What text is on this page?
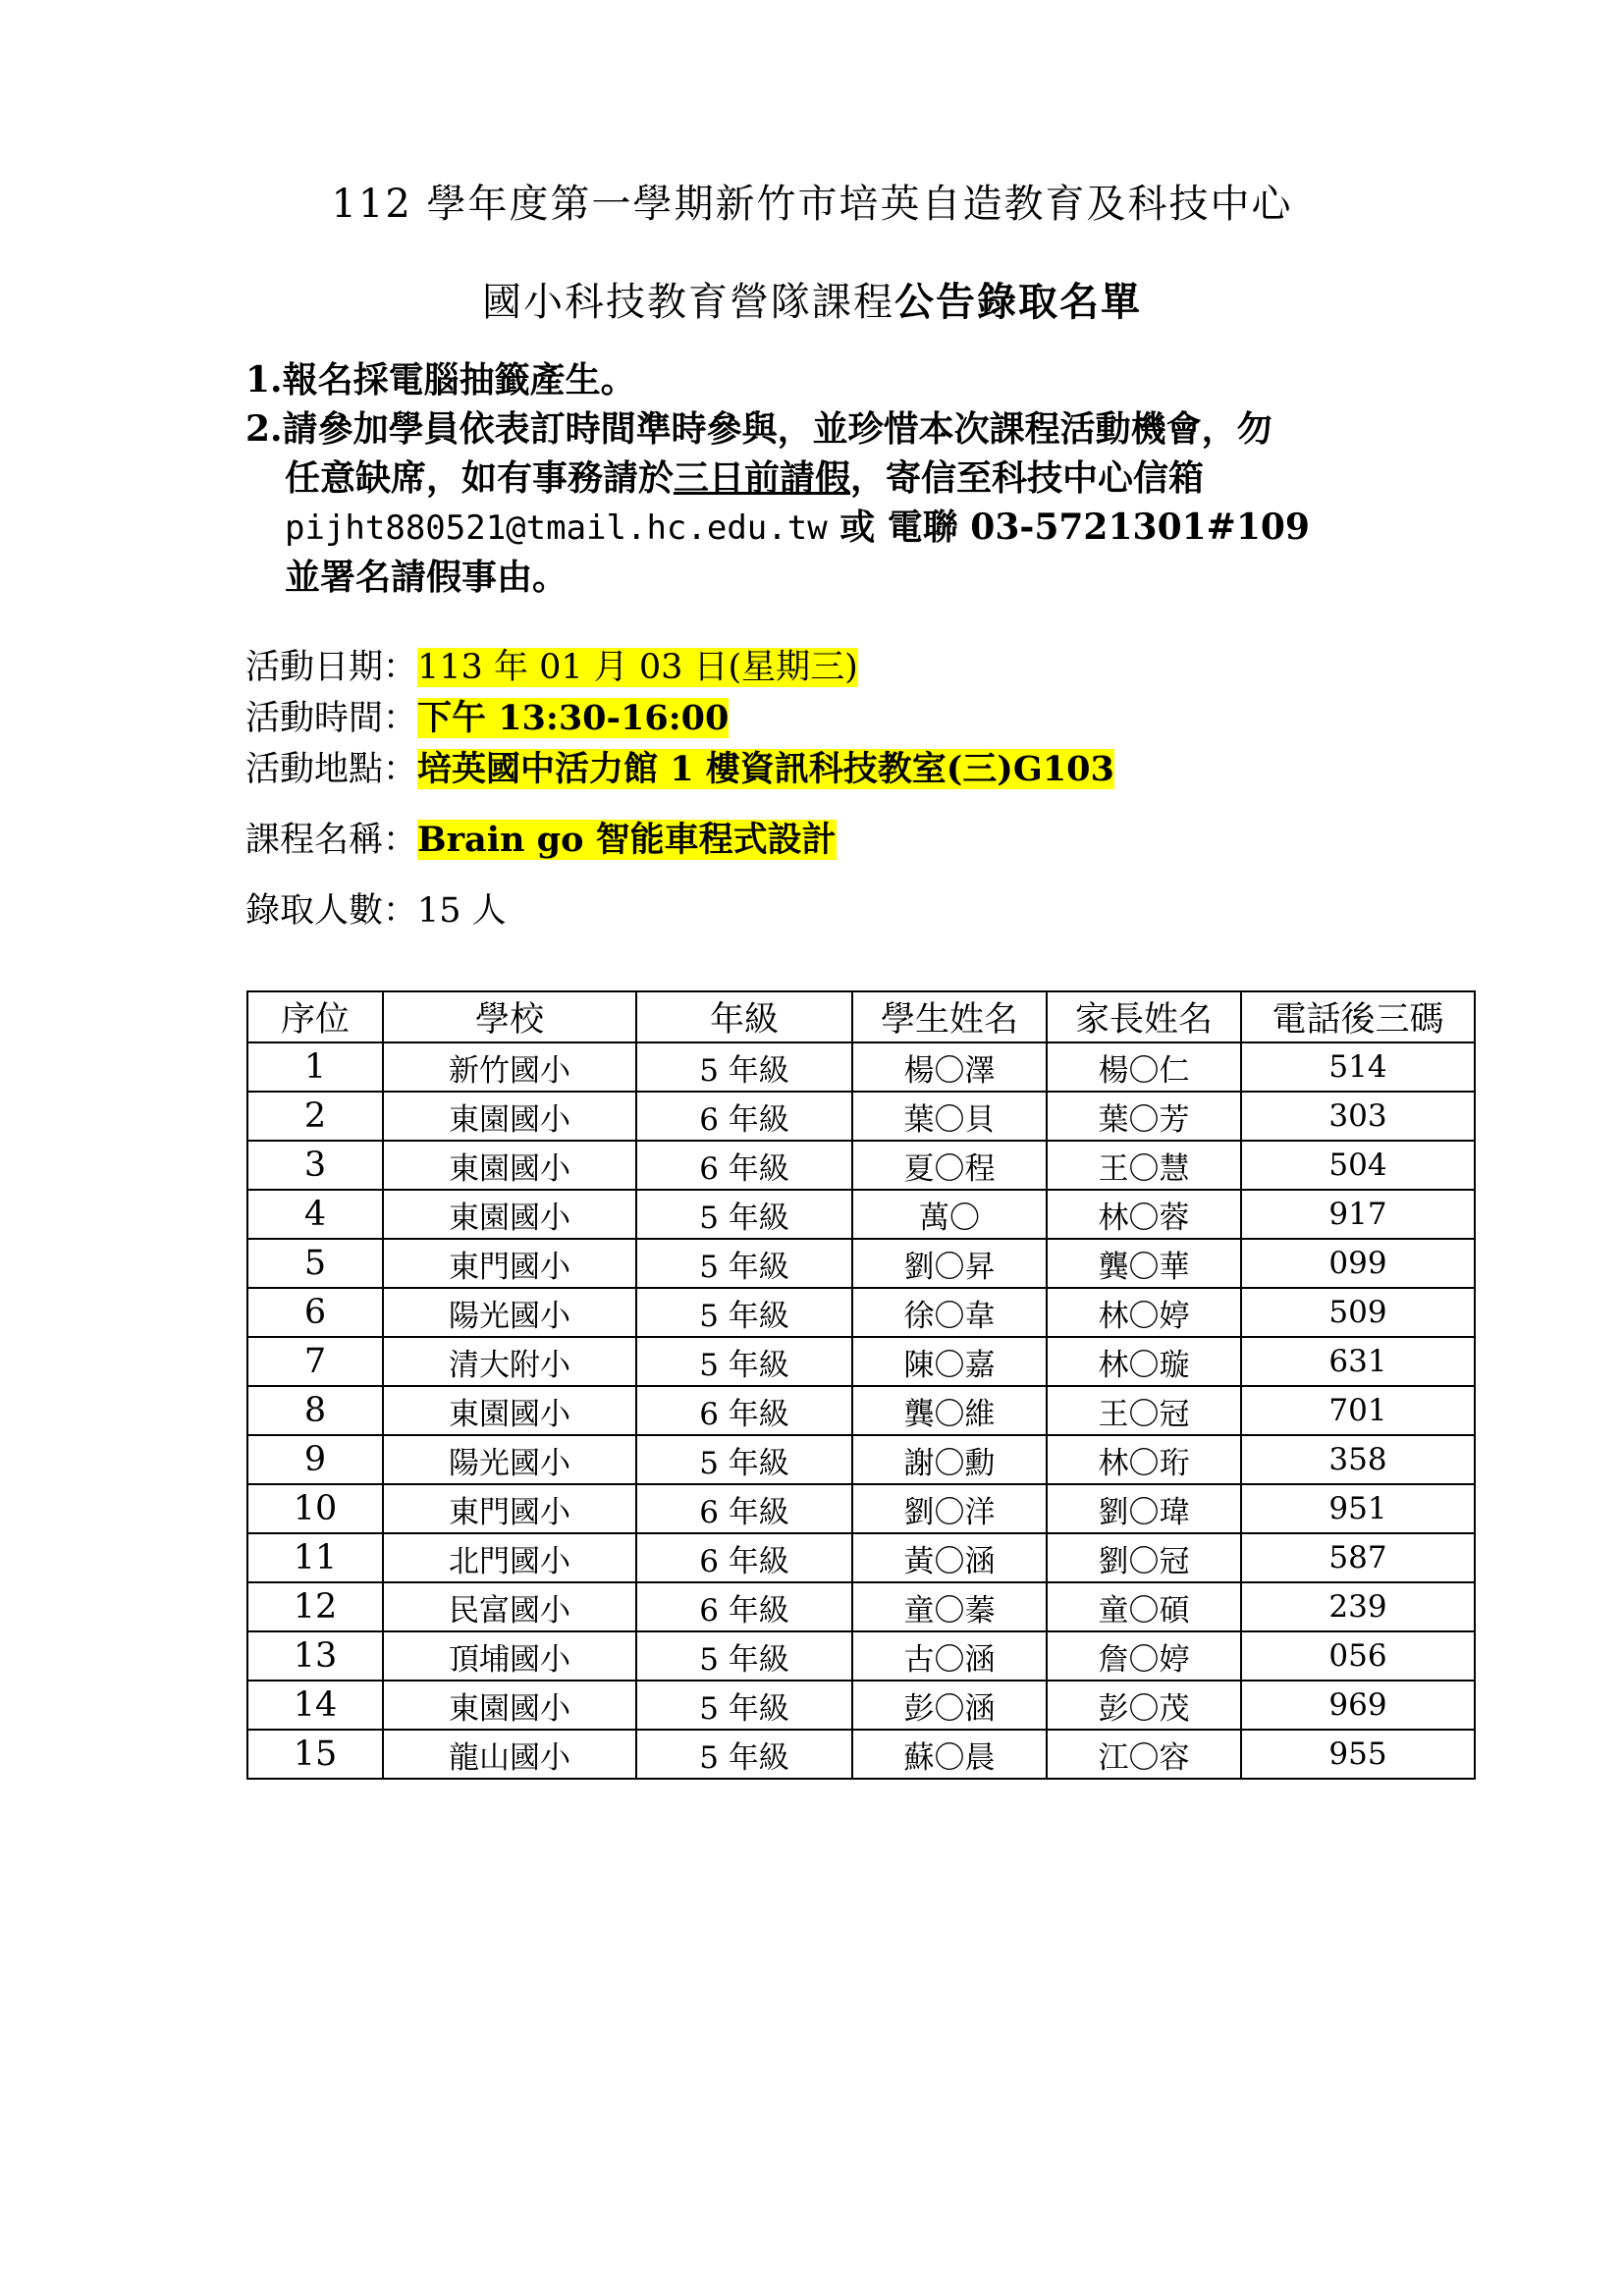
112 學年度第一學期新竹市培英自造教育及科技中心
國小科技教育營隊課程公告錄取名單
1.報名採電腦抽籤產生。
2.請參加學員依表訂時間準時參與，並珍惜本次課程活動機會，勿
任意缺席，如有事務請於三日前請假，寄信至科技中心信箱
pijht880521@tmail.hc.edu.tw 或 電聯 03-5721301#109
並署名請假事由。
活動日期：113 年 01 月 03 日(星期三)
活動時間：下午 13:30-16:00
活動地點：培英國中活力館 1 樓資訊科技教室(三)G103
課程名稱：Brain go 智能車程式設計
錄取人數：15 人
序位	學校	年級	學生姓名	家長姓名	電話後三碼
1	新竹國小	5 年級	楊〇澤	楊〇仁	514
2	東園國小	6 年級	葉〇貝	葉〇芳	303
3	東園國小	6 年級	夏〇程	王〇慧	504
4	東園國小	5 年級	萬〇	林〇蓉	917
5	東門國小	5 年級	劉〇昇	龔〇華	099
6	陽光國小	5 年級	徐〇韋	林〇婷	509
7	清大附小	5 年級	陳〇嘉	林〇璇	631
8	東園國小	6 年級	龔〇維	王〇冠	701
9	陽光國小	5 年級	謝〇勳	林〇珩	358
10	東門國小	6 年級	劉〇洋	劉〇瑋	951
11	北門國小	6 年級	黃〇涵	劉〇冠	587
12	民富國小	6 年級	童〇蓁	童〇碩	239
13	頂埔國小	5 年級	古〇涵	詹〇婷	056
14	東園國小	5 年級	彭〇涵	彭〇茂	969
15	龍山國小	5 年級	蘇〇晨	江〇容	955
